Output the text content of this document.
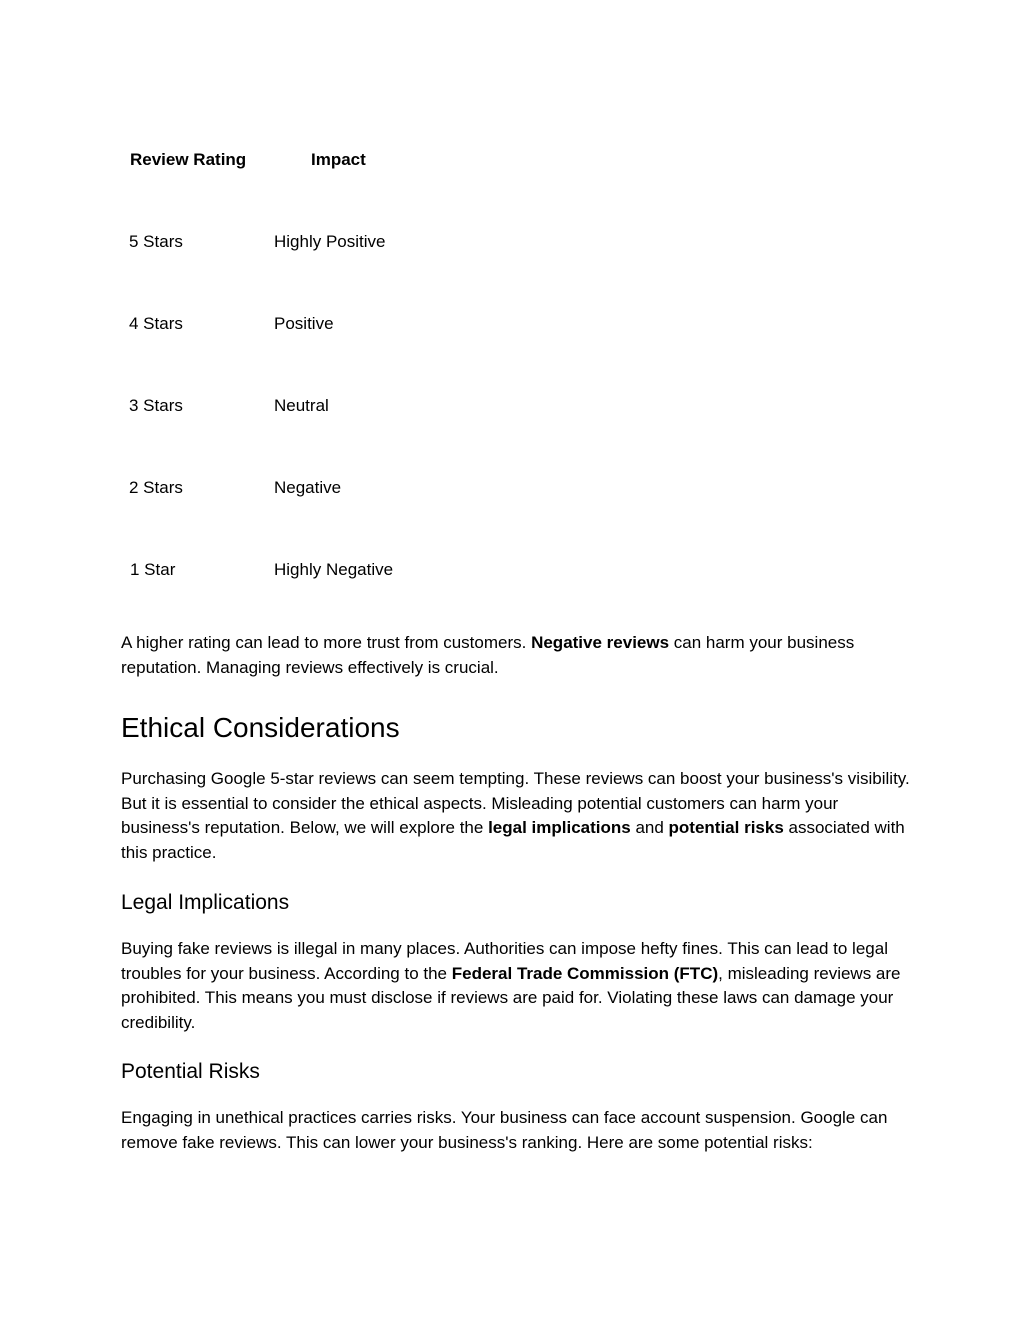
Review Rating	Impact
5 Stars	Highly Positive
4 Stars	Positive
3 Stars	Neutral
2 Stars	Negative
1 Star	Highly Negative

A higher rating can lead to more trust from customers. Negative reviews can harm your business reputation. Managing reviews effectively is crucial.

Ethical Considerations

Purchasing Google 5-star reviews can seem tempting. These reviews can boost your business's visibility. But it is essential to consider the ethical aspects. Misleading potential customers can harm your business's reputation. Below, we will explore the legal implications and potential risks associated with this practice.

Legal Implications

Buying fake reviews is illegal in many places. Authorities can impose hefty fines. This can lead to legal troubles for your business. According to the Federal Trade Commission (FTC), misleading reviews are prohibited. This means you must disclose if reviews are paid for. Violating these laws can damage your credibility.

Potential Risks

Engaging in unethical practices carries risks. Your business can face account suspension. Google can remove fake reviews. This can lower your business's ranking. Here are some potential risks:
